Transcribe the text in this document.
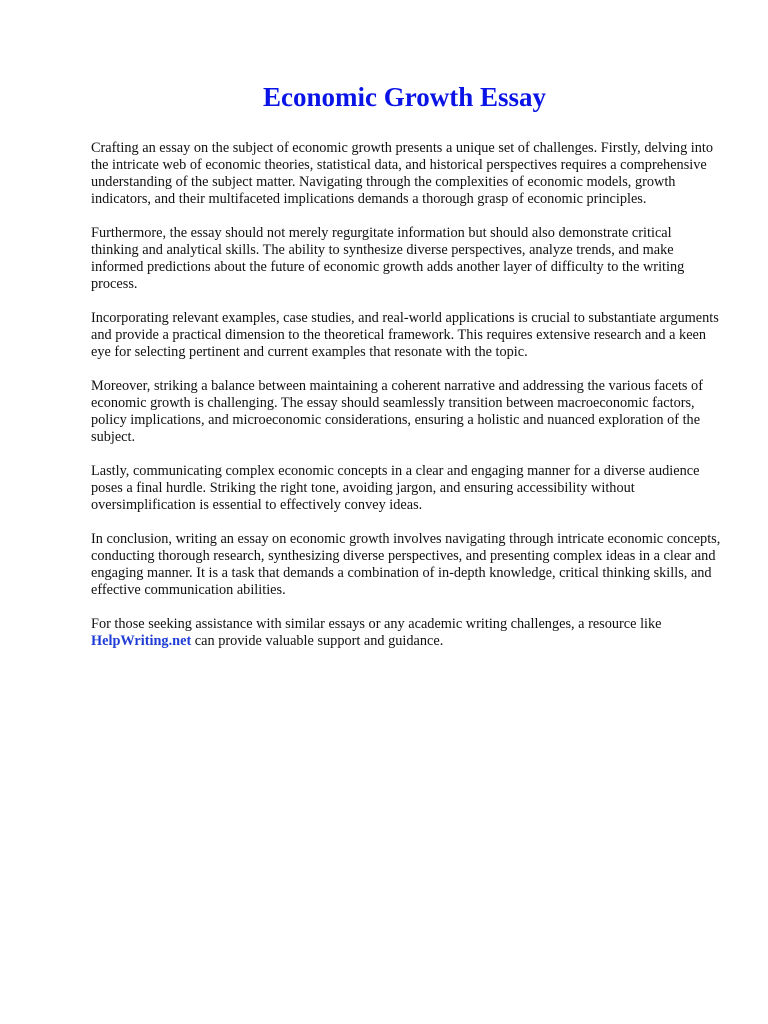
Economic Growth Essay

Crafting an essay on the subject of economic growth presents a unique set of challenges. Firstly, delving into the intricate web of economic theories, statistical data, and historical perspectives requires a comprehensive understanding of the subject matter. Navigating through the complexities of economic models, growth indicators, and their multifaceted implications demands a thorough grasp of economic principles.

Furthermore, the essay should not merely regurgitate information but should also demonstrate critical thinking and analytical skills. The ability to synthesize diverse perspectives, analyze trends, and make informed predictions about the future of economic growth adds another layer of difficulty to the writing process.

Incorporating relevant examples, case studies, and real-world applications is crucial to substantiate arguments and provide a practical dimension to the theoretical framework. This requires extensive research and a keen eye for selecting pertinent and current examples that resonate with the topic.

Moreover, striking a balance between maintaining a coherent narrative and addressing the various facets of economic growth is challenging. The essay should seamlessly transition between macroeconomic factors, policy implications, and microeconomic considerations, ensuring a holistic and nuanced exploration of the subject.

Lastly, communicating complex economic concepts in a clear and engaging manner for a diverse audience poses a final hurdle. Striking the right tone, avoiding jargon, and ensuring accessibility without oversimplification is essential to effectively convey ideas.

In conclusion, writing an essay on economic growth involves navigating through intricate economic concepts, conducting thorough research, synthesizing diverse perspectives, and presenting complex ideas in a clear and engaging manner. It is a task that demands a combination of in-depth knowledge, critical thinking skills, and effective communication abilities.

For those seeking assistance with similar essays or any academic writing challenges, a resource like HelpWriting.net can provide valuable support and guidance.
